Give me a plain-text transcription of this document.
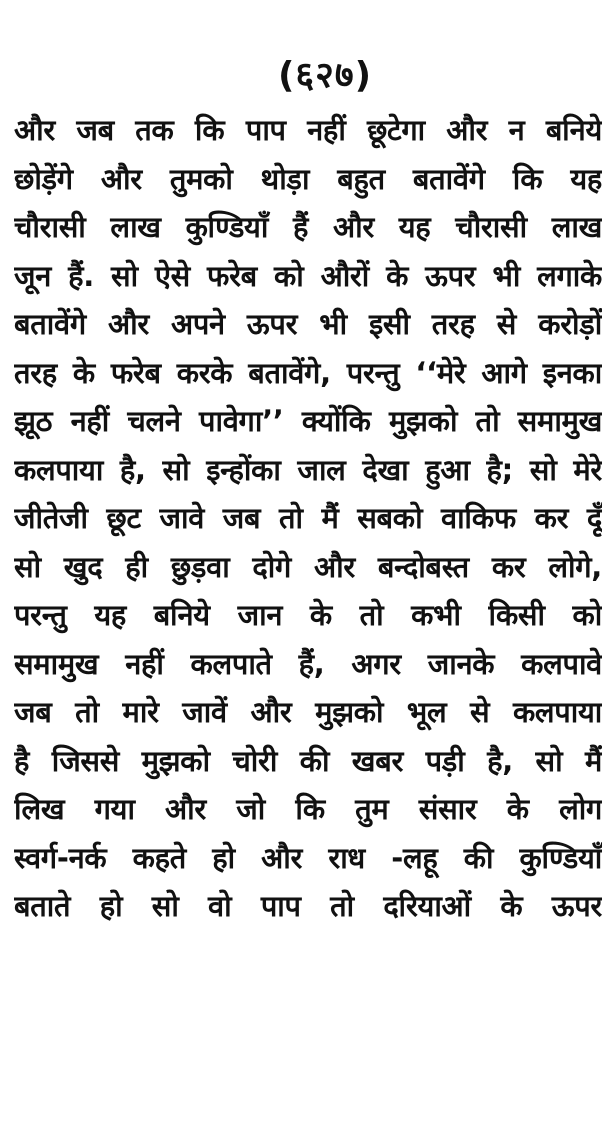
(६२७)
और जब तक कि पाप नहीं छूटेगा और न बनिये
छोड़ेंगे और तुमको थोड़ा बहुत बतावेंगे कि यह
चौरासी लाख कुण्डियाँ हैं और यह चौरासी लाख
जून हैं. सो ऐसे फरेब को औरों के ऊपर भी लगाके
बतावेंगे और अपने ऊपर भी इसी तरह से करोड़ों
तरह के फरेब करके बतावेंगे, परन्तु ‘‘मेरे आगे इनका
झूठ नहीं चलने पावेगा’’ क्योंकि मुझको तो समामुख
कलपाया है, सो इन्होंका जाल देखा हुआ है; सो मेरे
जीतेजी छूट जावे जब तो मैं सबको वाकिफ कर दूँ
सो खुद ही छुड़वा दोगे और बन्दोबस्त कर लोगे,
परन्तु यह बनिये जान के तो कभी किसी को
समामुख नहीं कलपाते हैं, अगर जानके कलपावे
जब तो मारे जावें और मुझको भूल से कलपाया
है जिससे मुझको चोरी की खबर पड़ी है, सो मैं
लिख गया और जो कि तुम संसार के लोग
स्वर्ग-नर्क कहते हो और राध -लहू की कुण्डियाँ
बताते हो सो वो पाप तो दरियाओं के ऊपर
